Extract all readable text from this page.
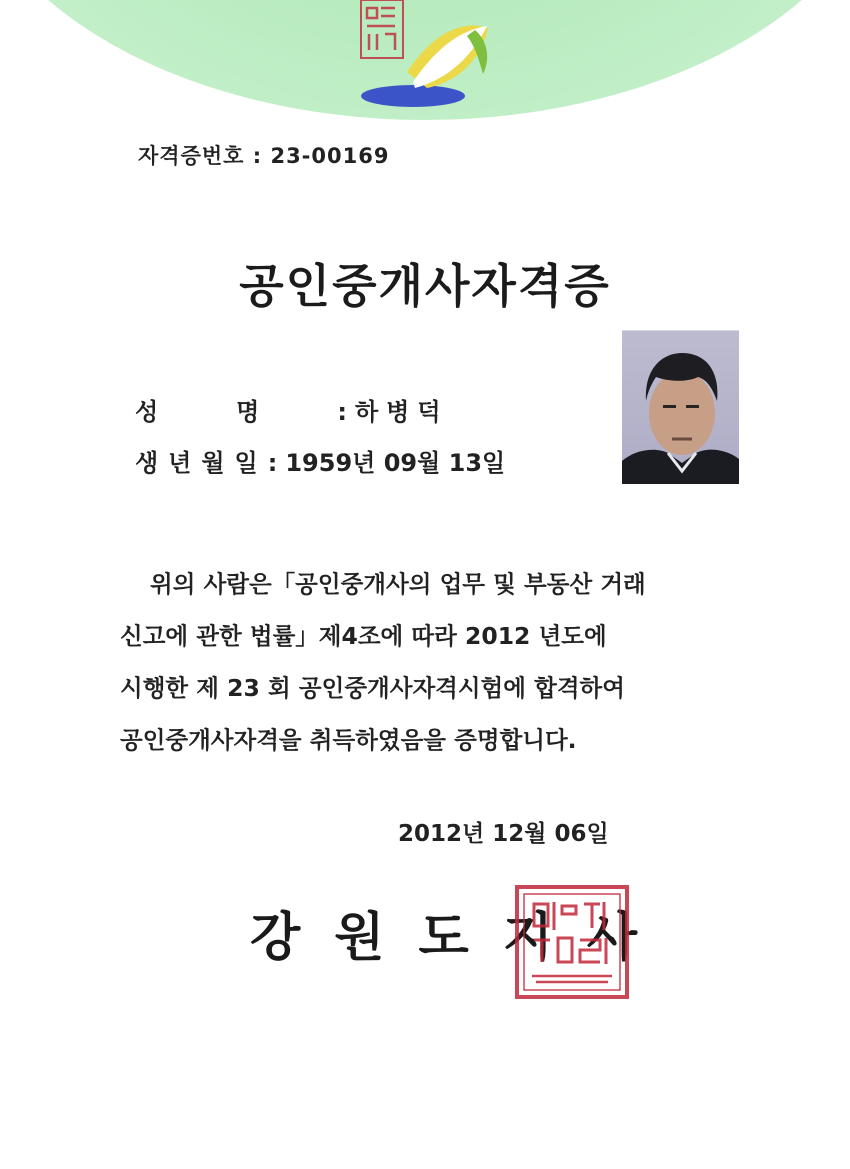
자격증번호 : 23-00169
공인중개사자격증
성명: 하병덕
생년월일: 1959년 09월 13일
위의 사람은「공인중개사의 업무 및 부동산 거래
신고에 관한 법률」제4조에 따라 2012 년도에
시행한 제 23 회 공인중개사자격시험에 합격하여
공인중개사자격을 취득하였음을 증명합니다.
2012년 12월 06일
강원도지사
